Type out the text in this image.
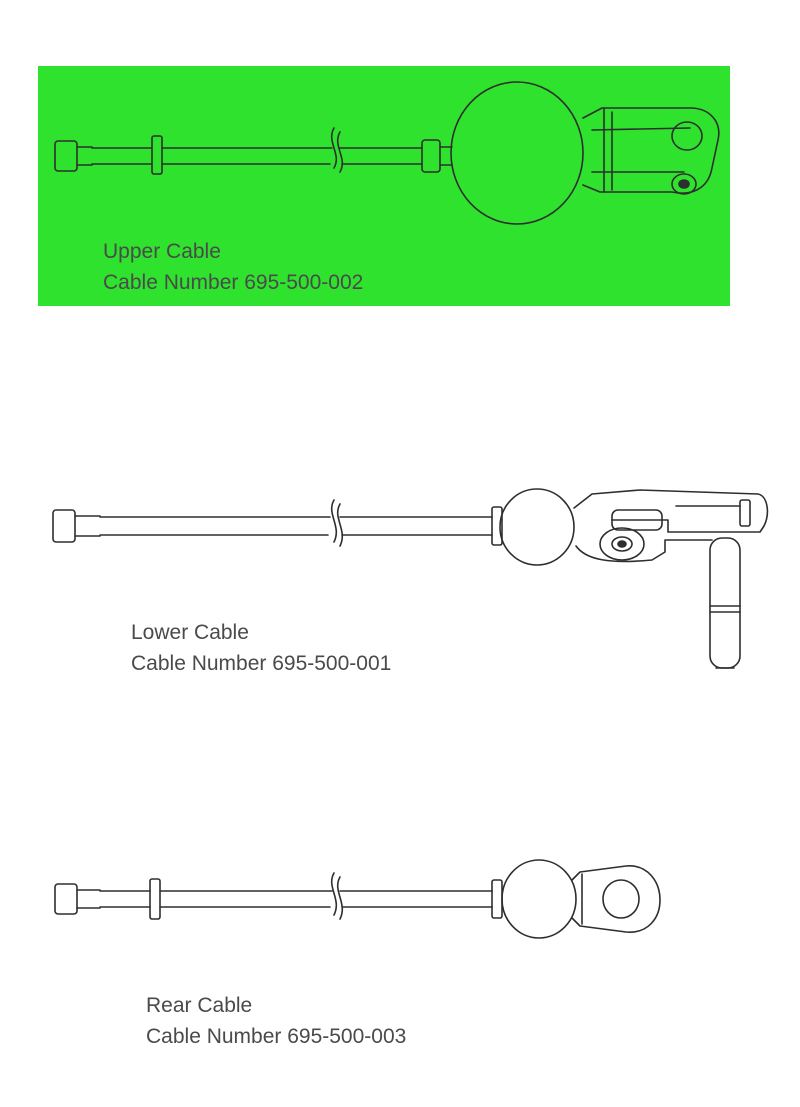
Upper Cable
Cable Number 695-500-002
Lower Cable
Cable Number 695-500-001
Rear Cable
Cable Number 695-500-003
